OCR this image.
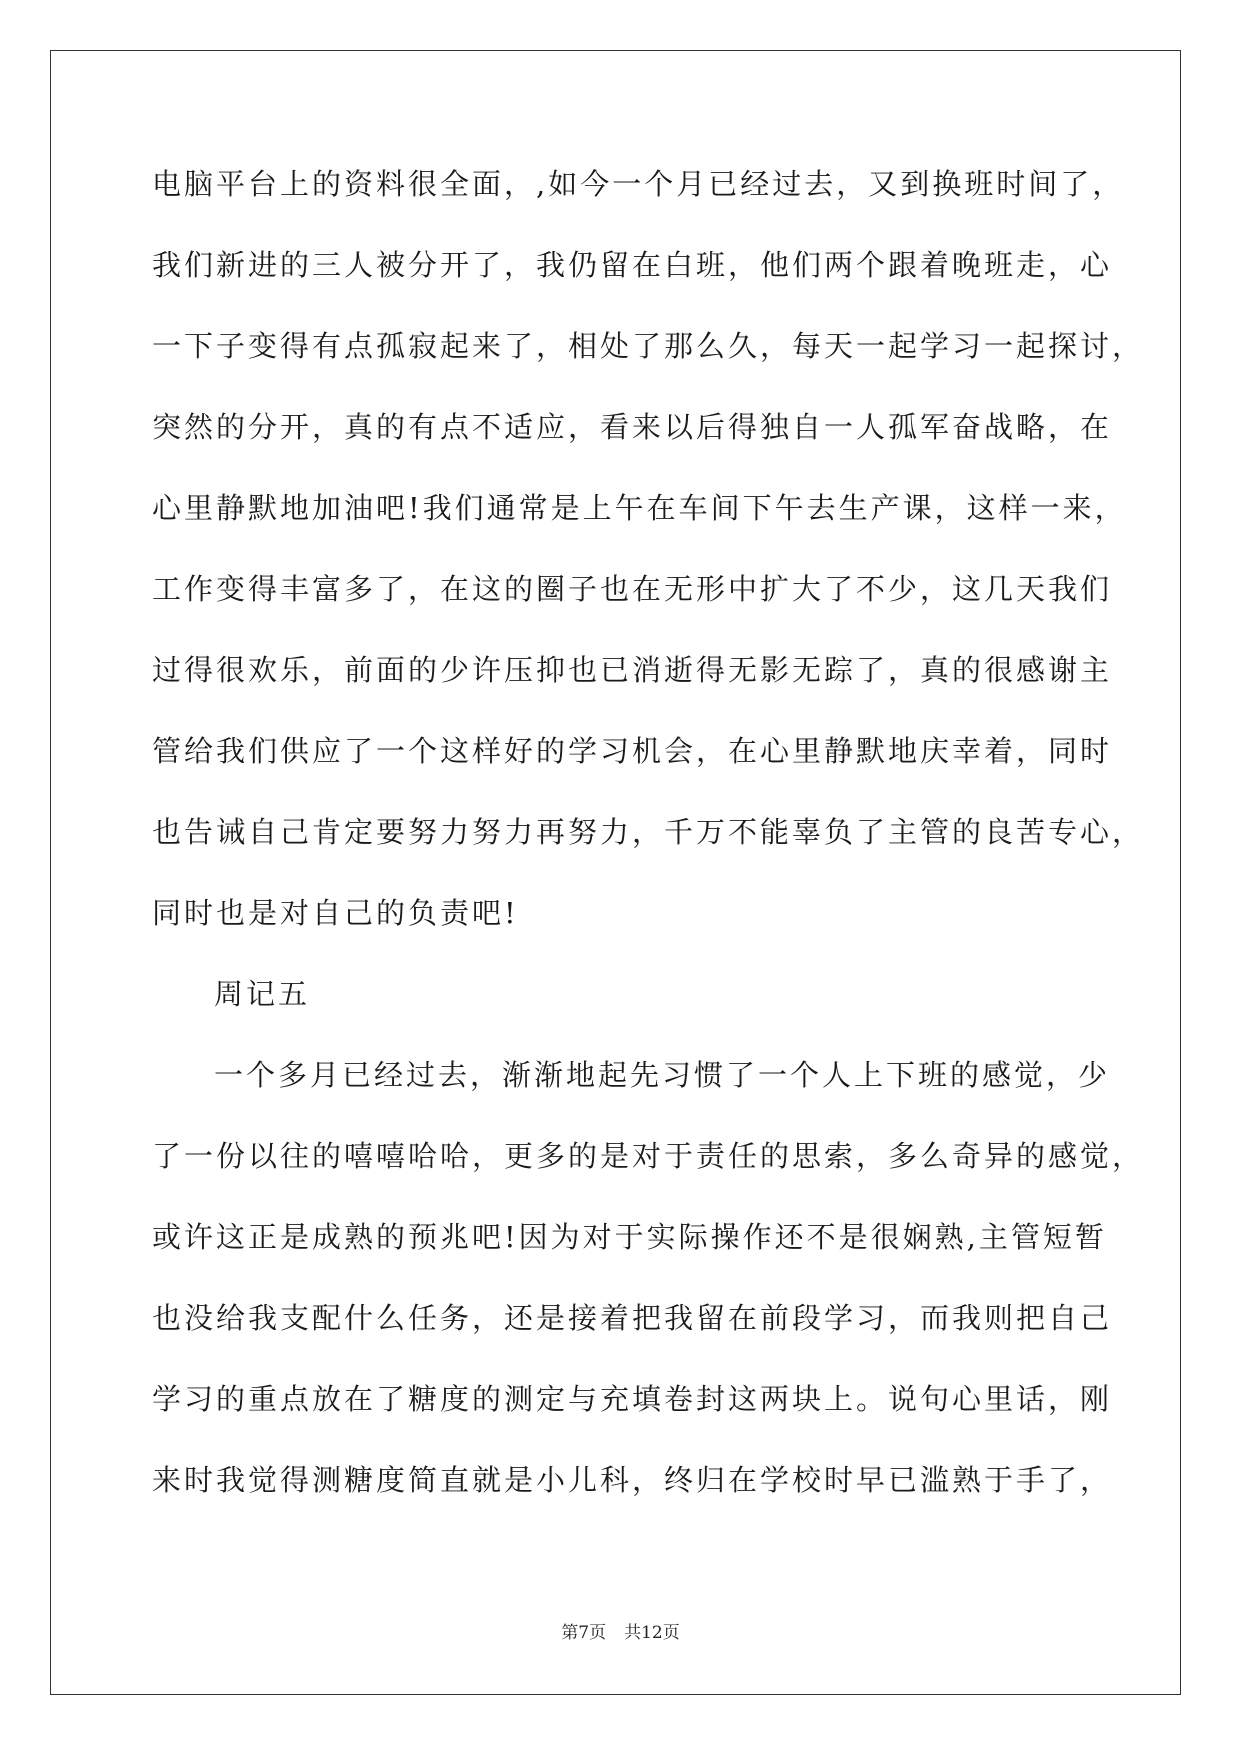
电脑平台上的资料很全面，,如今一个月已经过去，又到换班时间了，
我们新进的三人被分开了，我仍留在白班，他们两个跟着晚班走，心
一下子变得有点孤寂起来了，相处了那么久，每天一起学习一起探讨，
突然的分开，真的有点不适应，看来以后得独自一人孤军奋战略，在
心里静默地加油吧!我们通常是上午在车间下午去生产课，这样一来，
工作变得丰富多了，在这的圈子也在无形中扩大了不少，这几天我们
过得很欢乐，前面的少许压抑也已消逝得无影无踪了，真的很感谢主
管给我们供应了一个这样好的学习机会，在心里静默地庆幸着，同时
也告诫自己肯定要努力努力再努力，千万不能辜负了主管的良苦专心，
同时也是对自己的负责吧!
周记五
一个多月已经过去，渐渐地起先习惯了一个人上下班的感觉，少
了一份以往的嘻嘻哈哈，更多的是对于责任的思索，多么奇异的感觉，
或许这正是成熟的预兆吧!因为对于实际操作还不是很娴熟,主管短暂
也没给我支配什么任务，还是接着把我留在前段学习，而我则把自己
学习的重点放在了糖度的测定与充填卷封这两块上。说句心里话，刚
来时我觉得测糖度简直就是小儿科，终归在学校时早已滥熟于手了，
第7页 共12页
